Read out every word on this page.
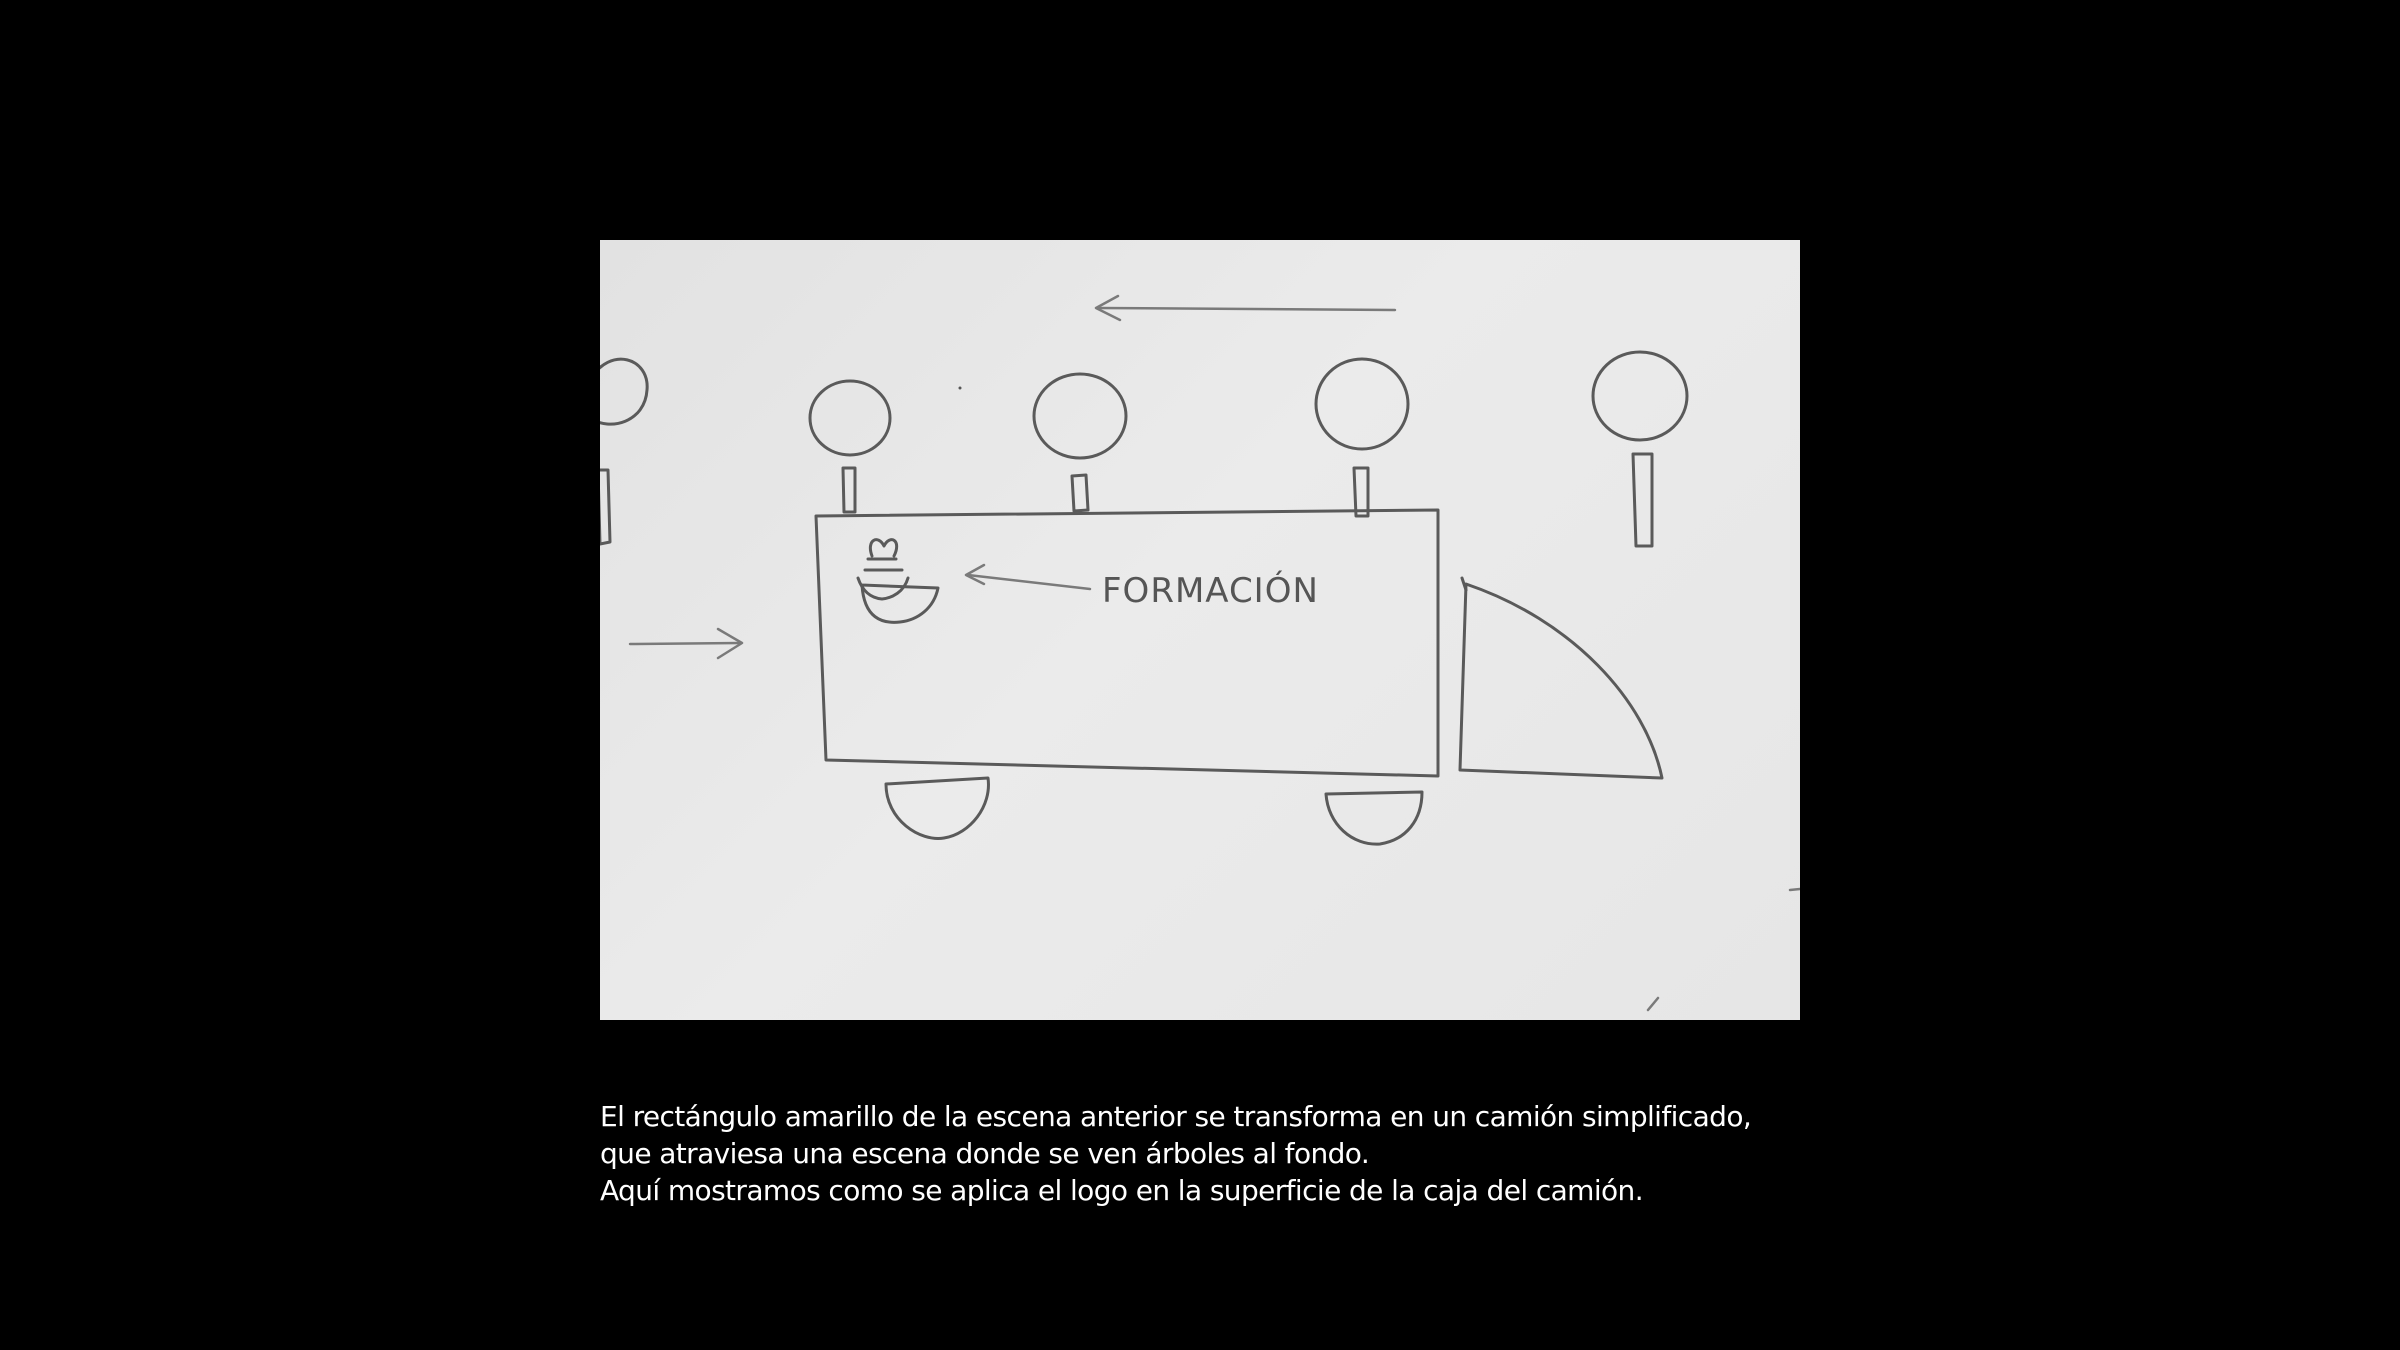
FORMACIÓN

El rectángulo amarillo de la escena anterior se transforma en un camión simplificado,

que atraviesa una escena donde se ven árboles al fondo.

Aquí mostramos como se aplica el logo en la superficie de la caja del camión.
